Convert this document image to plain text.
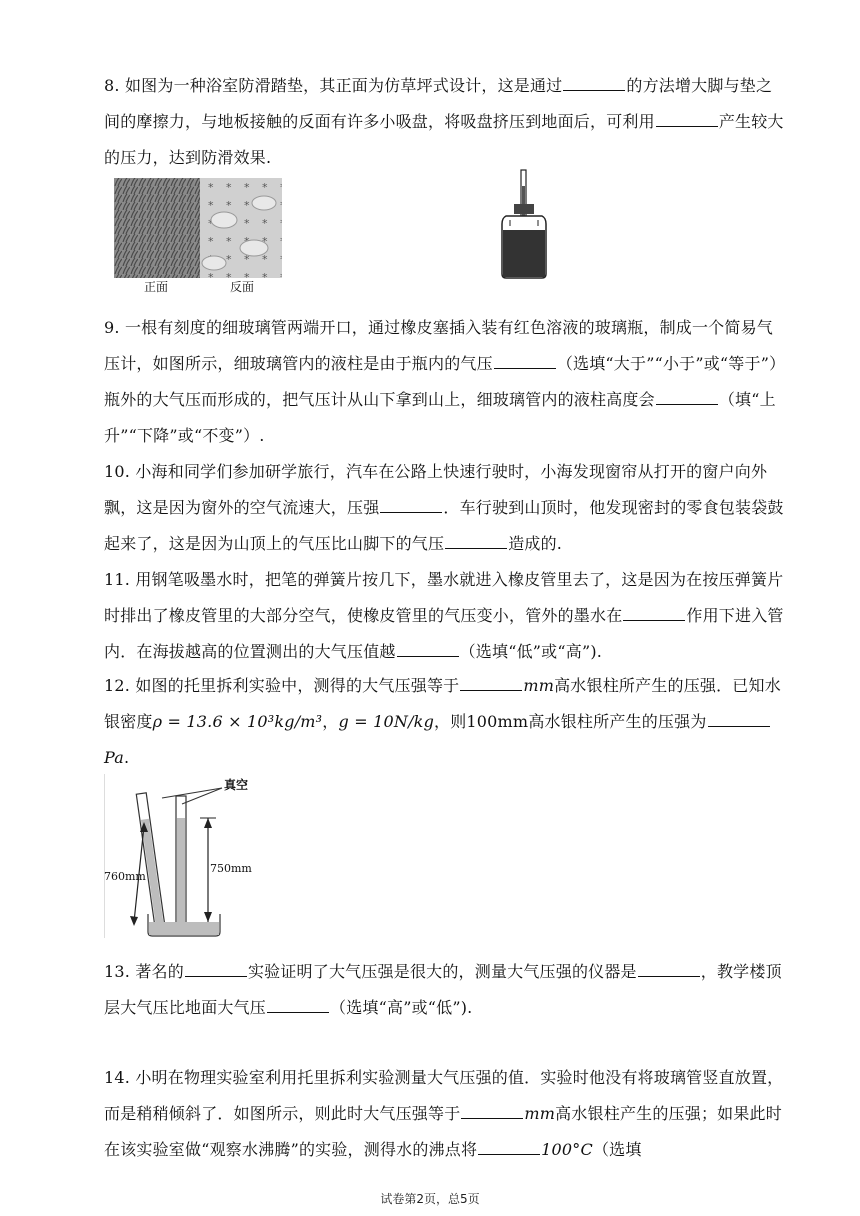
8. 如图为一种浴室防滑踏垫，其正面为仿草坪式设计，这是通过	的方法增大脚与垫之间的摩擦力，与地板接触的反面有许多小吸盘，将吸盘挤压到地面后，可利用	产生较大的压力，达到防滑效果.
正面	反面
9. 一根有刻度的细玻璃管两端开口，通过橡皮塞插入装有红色溶液的玻璃瓶，制成一个简易气压计，如图所示，细玻璃管内的液柱是由于瓶内的气压	（选填“大于”“小于”或“等于”）瓶外的大气压而形成的，把气压计从山下拿到山上，细玻璃管内的液柱高度会	（填“上升”“下降”或“不变”）.
10. 小海和同学们参加研学旅行，汽车在公路上快速行驶时，小海发现窗帘从打开的窗户向外飘，这是因为窗外的空气流速大，压强	．车行驶到山顶时，他发现密封的零食包装袋鼓起来了，这是因为山顶上的气压比山脚下的气压	造成的.
11. 用钢笔吸墨水时，把笔的弹簧片按几下，墨水就进入橡皮管里去了，这是因为在按压弹簧片时排出了橡皮管里的大部分空气，使橡皮管里的气压变小，管外的墨水在	作用下进入管内．在海拔越高的位置测出的大气压值越	（选填“低”或“高”).
12. 如图的托里拆利实验中，测得的大气压强等于	mm高水银柱所产生的压强．已知水银密度ρ = 13.6 × 10³kg/m³，g = 10N/kg，则100mm高水银柱所产生的压强为Pa.
真空
760mm
750mm
13. 著名的	实验证明了大气压强是很大的，测量大气压强的仪器是	，教学楼顶层大气压比地面大气压	（选填“高”或“低”).
14. 小明在物理实验室利用托里拆利实验测量大气压强的值．实验时他没有将玻璃管竖直放置，而是稍稍倾斜了．如图所示，则此时大气压强等于	mm高水银柱产生的压强；如果此时在该实验室做“观察水沸腾”的实验，测得水的沸点将	100°C（选填
试卷第2页，总5页
